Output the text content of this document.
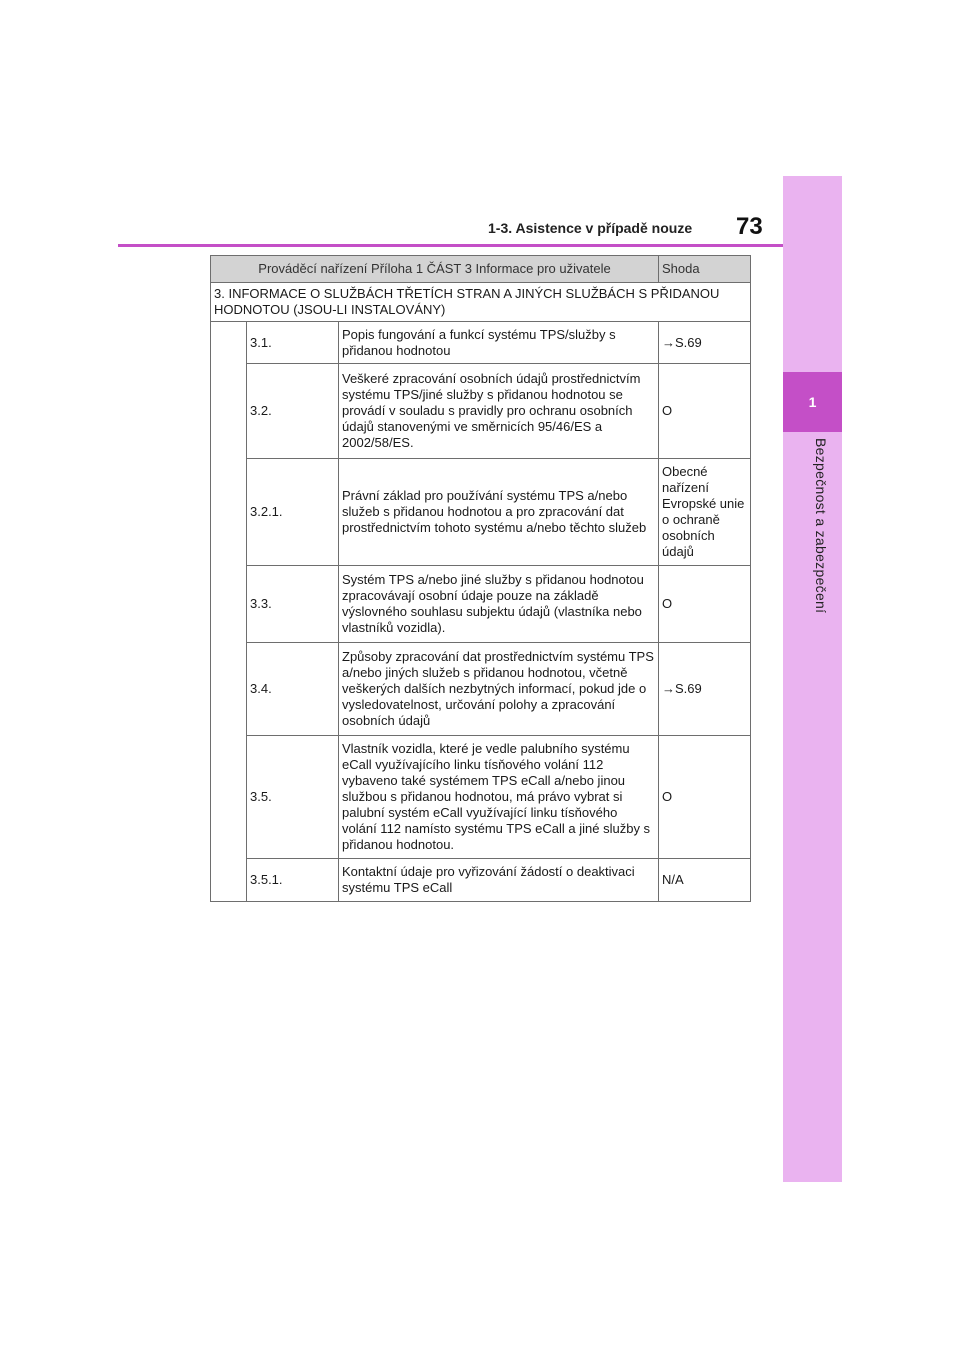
1
Bezpečnost a zabezpečení
1-3. Asistence v případě nouze 73
Prováděcí nařízení Příloha 1 ČÁST 3 Informace pro uživatele			Shoda
3. INFORMACE O SLUŽBÁCH TŘETÍCH STRAN A JINÝCH SLUŽBÁCH S PŘIDANOU HODNOTOU (JSOU-LI INSTALOVÁNY)			
	3.1.	Popis fungování a funkcí systému TPS/služby s přidanou hodnotou	→S.69
	3.2.	Veškeré zpracování osobních údajů prostřednictvím systému TPS/jiné služby s přidanou hodnotou se provádí v souladu s pravidly pro ochranu osobních údajů stanovenými ve směrnicích 95/46/ES a 2002/58/ES.	O
	3.2.1.	Právní základ pro používání systému TPS a/nebo služeb s přidanou hodnotou a pro zpracování dat prostřednictvím tohoto systému a/nebo těchto služeb	Obecné nařízení Evropské unie o ochraně osobních údajů
	3.3.	Systém TPS a/nebo jiné služby s přidanou hodnotou zpracovávají osobní údaje pouze na základě výslovného souhlasu subjektu údajů (vlastníka nebo vlastníků vozidla).	O
	3.4.	Způsoby zpracování dat prostřednictvím systému TPS a/nebo jiných služeb s přidanou hodnotou, včetně veškerých dalších nezbytných informací, pokud jde o vysledovatelnost, určování polohy a zpracování osobních údajů	→S.69
	3.5.	Vlastník vozidla, které je vedle palubního systému eCall využívajícího linku tísňového volání 112 vybaveno také systémem TPS eCall a/nebo jinou službou s přidanou hodnotou, má právo vybrat si palubní systém eCall využívající linku tísňového volání 112 namísto systému TPS eCall a jiné služby s přidanou hodnotou.	O
	3.5.1.	Kontaktní údaje pro vyřizování žádostí o deaktivaci systému TPS eCall	N/A
